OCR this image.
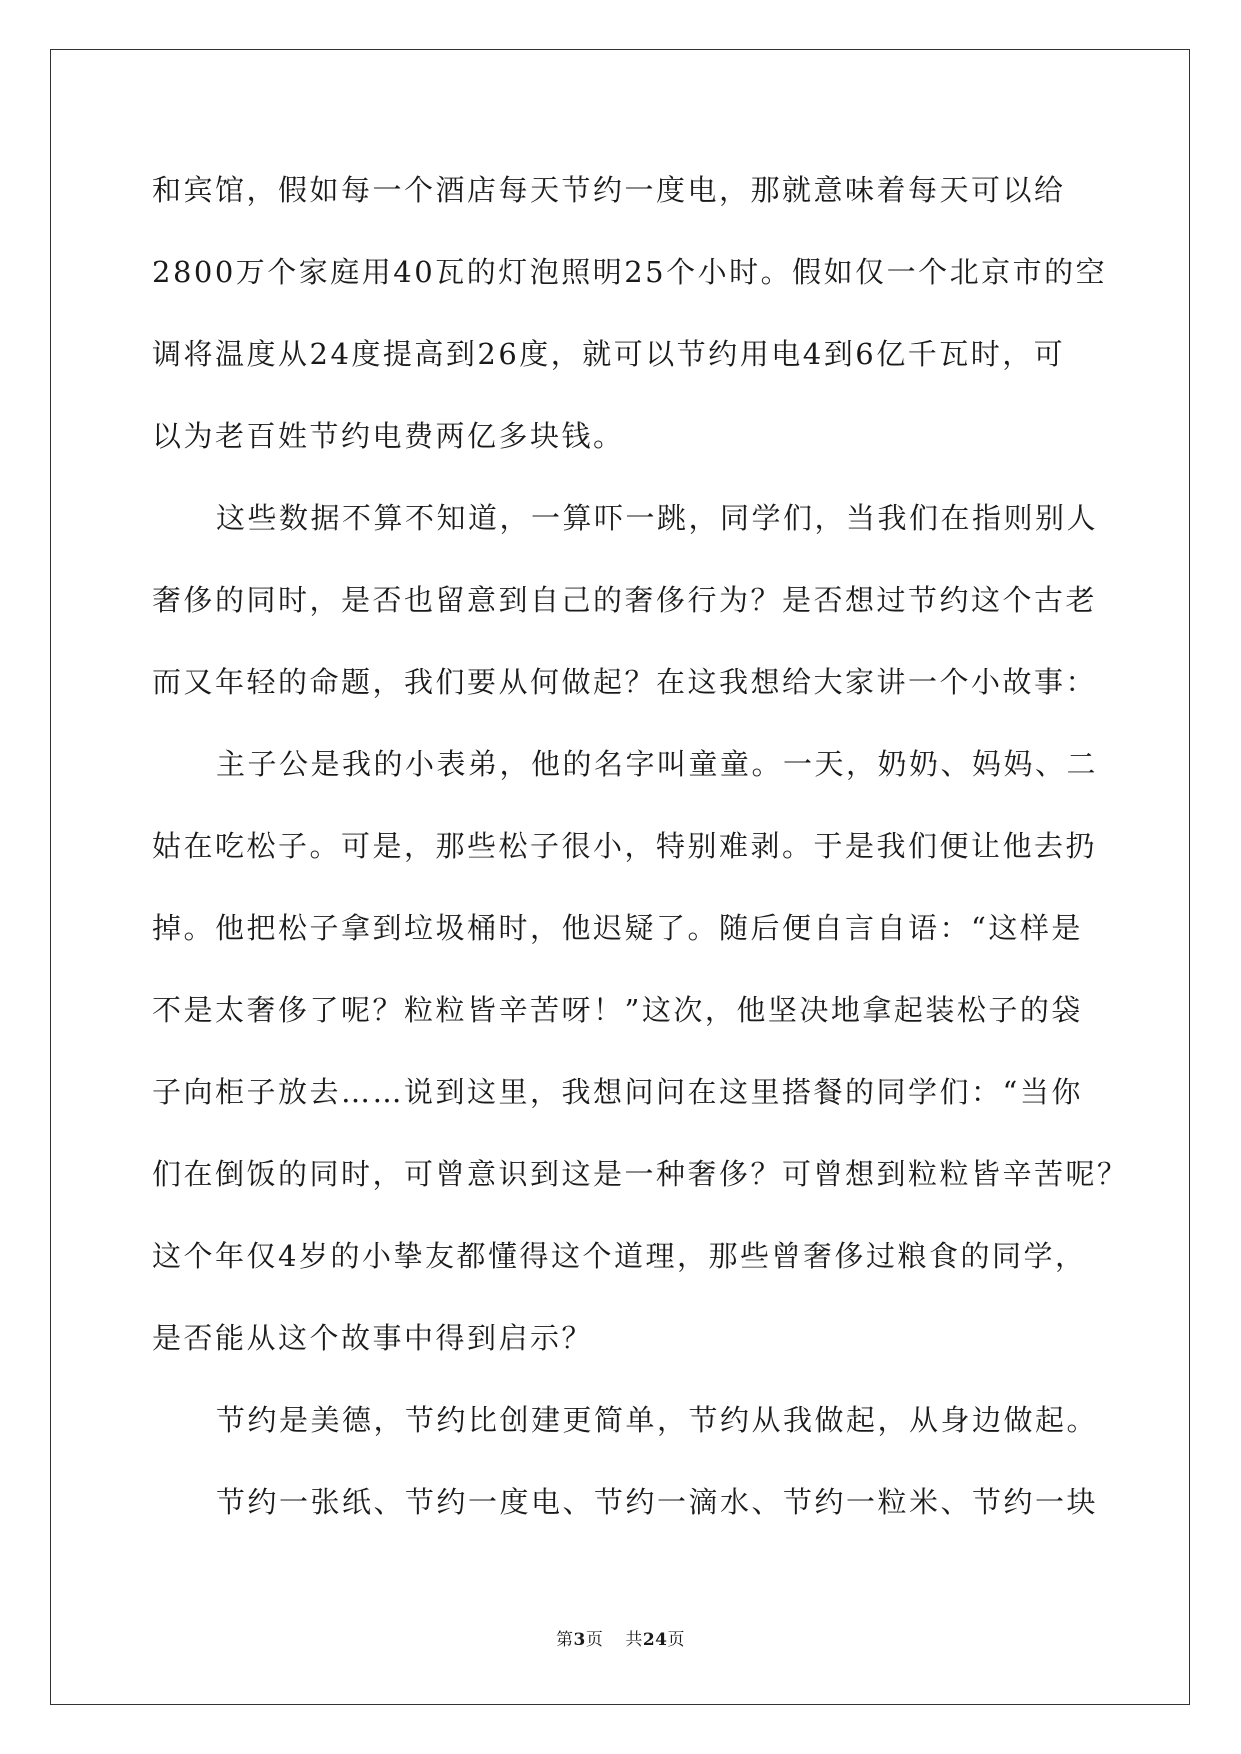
和宾馆，假如每一个酒店每天节约一度电，那就意味着每天可以给
2800万个家庭用40瓦的灯泡照明25个小时。假如仅一个北京市的空
调将温度从24度提高到26度，就可以节约用电4到6亿千瓦时，可
以为老百姓节约电费两亿多块钱。
这些数据不算不知道，一算吓一跳，同学们，当我们在指则别人
奢侈的同时，是否也留意到自己的奢侈行为？是否想过节约这个古老
而又年轻的命题，我们要从何做起？在这我想给大家讲一个小故事：
主子公是我的小表弟，他的名字叫童童。一天，奶奶、妈妈、二
姑在吃松子。可是，那些松子很小，特别难剥。于是我们便让他去扔
掉。他把松子拿到垃圾桶时，他迟疑了。随后便自言自语：“这样是
不是太奢侈了呢？粒粒皆辛苦呀！”这次，他坚决地拿起装松子的袋
子向柜子放去……说到这里，我想问问在这里搭餐的同学们：“当你
们在倒饭的同时，可曾意识到这是一种奢侈？可曾想到粒粒皆辛苦呢？
这个年仅4岁的小挚友都懂得这个道理，那些曾奢侈过粮食的同学，
是否能从这个故事中得到启示？
节约是美德，节约比创建更简单，节约从我做起，从身边做起。
节约一张纸、节约一度电、节约一滴水、节约一粒米、节约一块
第3页 共24页
